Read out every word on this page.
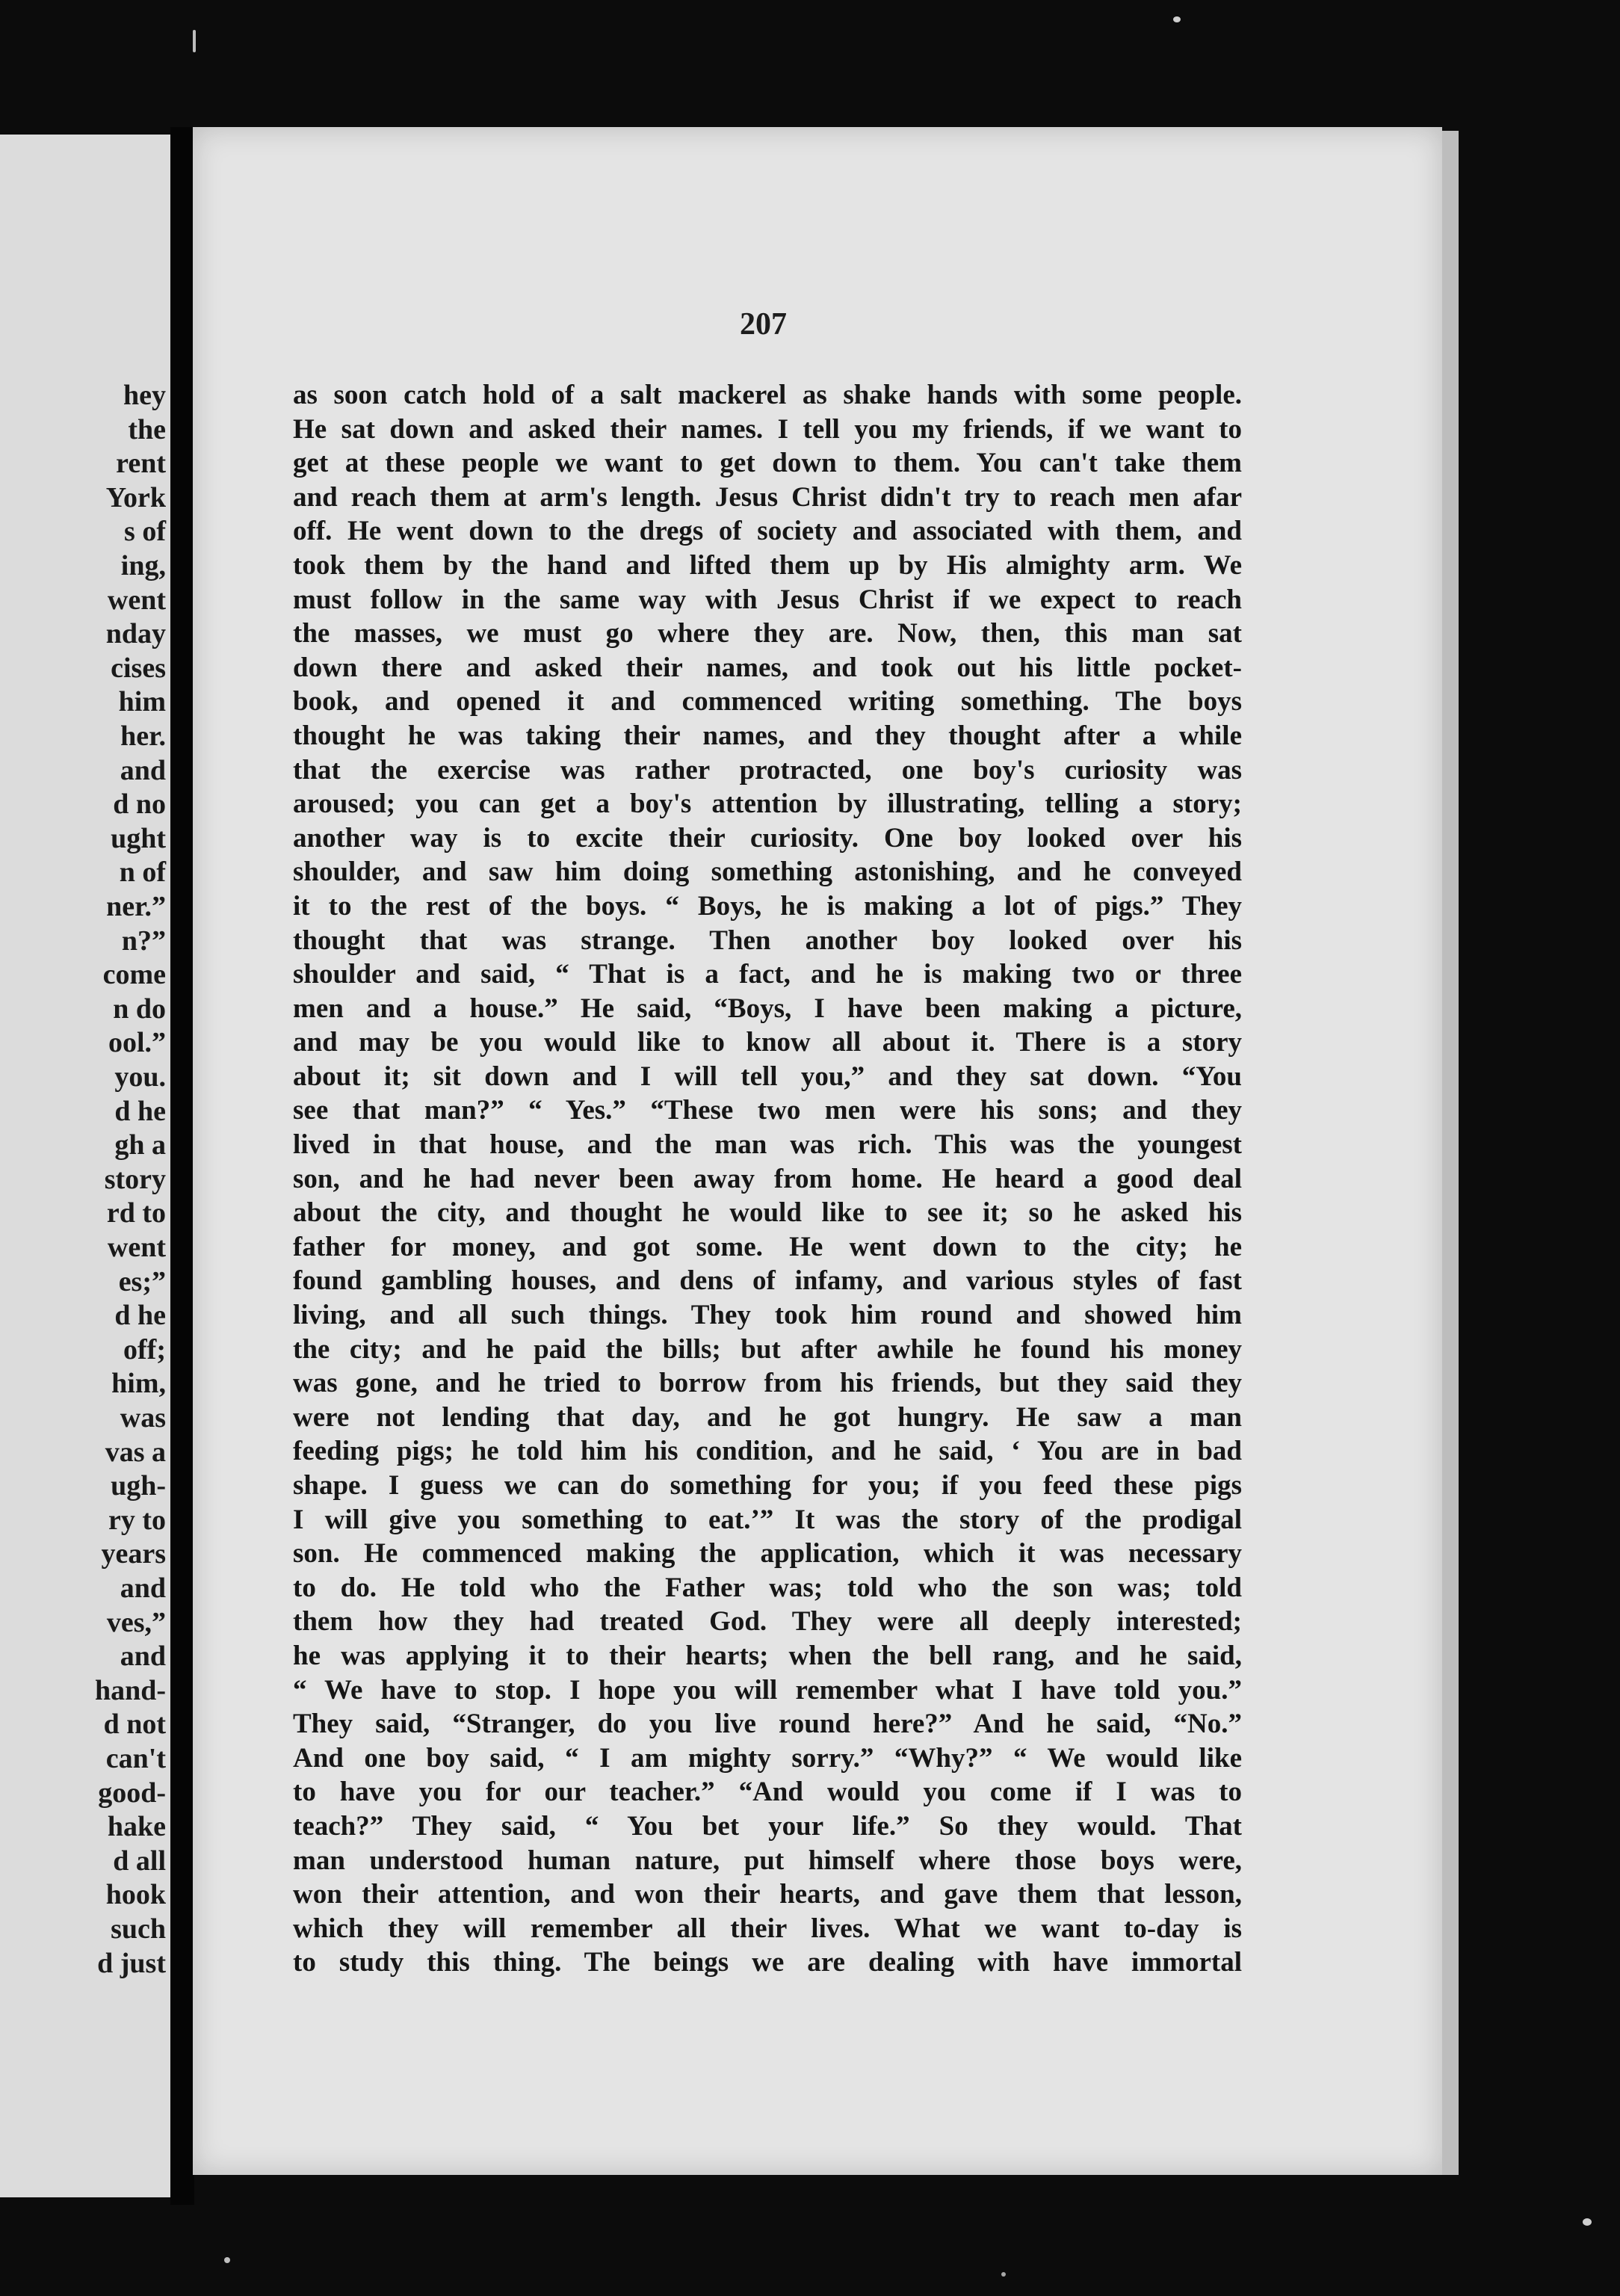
hey
the
rent
York
s of
ing,
went
nday
cises
him
her.
and
d no
ught
n of
ner.”
n?”
come
n do
ool.”
you.
d he
gh a
story
rd to
went
es;”
d he
off;
him,
was
vas a
ugh-
ry to
years
and
ves,”
and
hand-
d not
can't
good-
hake
d all
hook
such
d just
207
as soon catch hold of a salt mackerel as shake hands with some people.
He sat down and asked their names. I tell you my friends, if we want to
get at these people we want to get down to them. You can't take them
and reach them at arm's length. Jesus Christ didn't try to reach men afar
off. He went down to the dregs of society and associated with them, and
took them by the hand and lifted them up by His almighty arm. We
must follow in the same way with Jesus Christ if we expect to reach
the masses, we must go where they are. Now, then, this man sat
down there and asked their names, and took out his little pocket-
book, and opened it and commenced writing something. The boys
thought he was taking their names, and they thought after a while
that the exercise was rather protracted, one boy's curiosity was
aroused; you can get a boy's attention by illustrating, telling a story;
another way is to excite their curiosity. One boy looked over his
shoulder, and saw him doing something astonishing, and he conveyed
it to the rest of the boys. “ Boys, he is making a lot of pigs.” They
thought that was strange. Then another boy looked over his
shoulder and said, “ That is a fact, and he is making two or three
men and a house.” He said, “Boys, I have been making a picture,
and may be you would like to know all about it. There is a story
about it; sit down and I will tell you,” and they sat down. “You
see that man?” “ Yes.” “These two men were his sons; and they
lived in that house, and the man was rich. This was the youngest
son, and he had never been away from home. He heard a good deal
about the city, and thought he would like to see it; so he asked his
father for money, and got some. He went down to the city; he
found gambling houses, and dens of infamy, and various styles of fast
living, and all such things. They took him round and showed him
the city; and he paid the bills; but after awhile he found his money
was gone, and he tried to borrow from his friends, but they said they
were not lending that day, and he got hungry. He saw a man
feeding pigs; he told him his condition, and he said, ‘ You are in bad
shape. I guess we can do something for you; if you feed these pigs
I will give you something to eat.’” It was the story of the prodigal
son. He commenced making the application, which it was necessary
to do. He told who the Father was; told who the son was; told
them how they had treated God. They were all deeply interested;
he was applying it to their hearts; when the bell rang, and he said,
“ We have to stop. I hope you will remember what I have told you.”
They said, “Stranger, do you live round here?” And he said, “No.”
And one boy said, “ I am mighty sorry.” “Why?” “ We would like
to have you for our teacher.” “And would you come if I was to
teach?” They said, “ You bet your life.” So they would. That
man understood human nature, put himself where those boys were,
won their attention, and won their hearts, and gave them that lesson,
which they will remember all their lives. What we want to-day is
to study this thing. The beings we are dealing with have immortal
